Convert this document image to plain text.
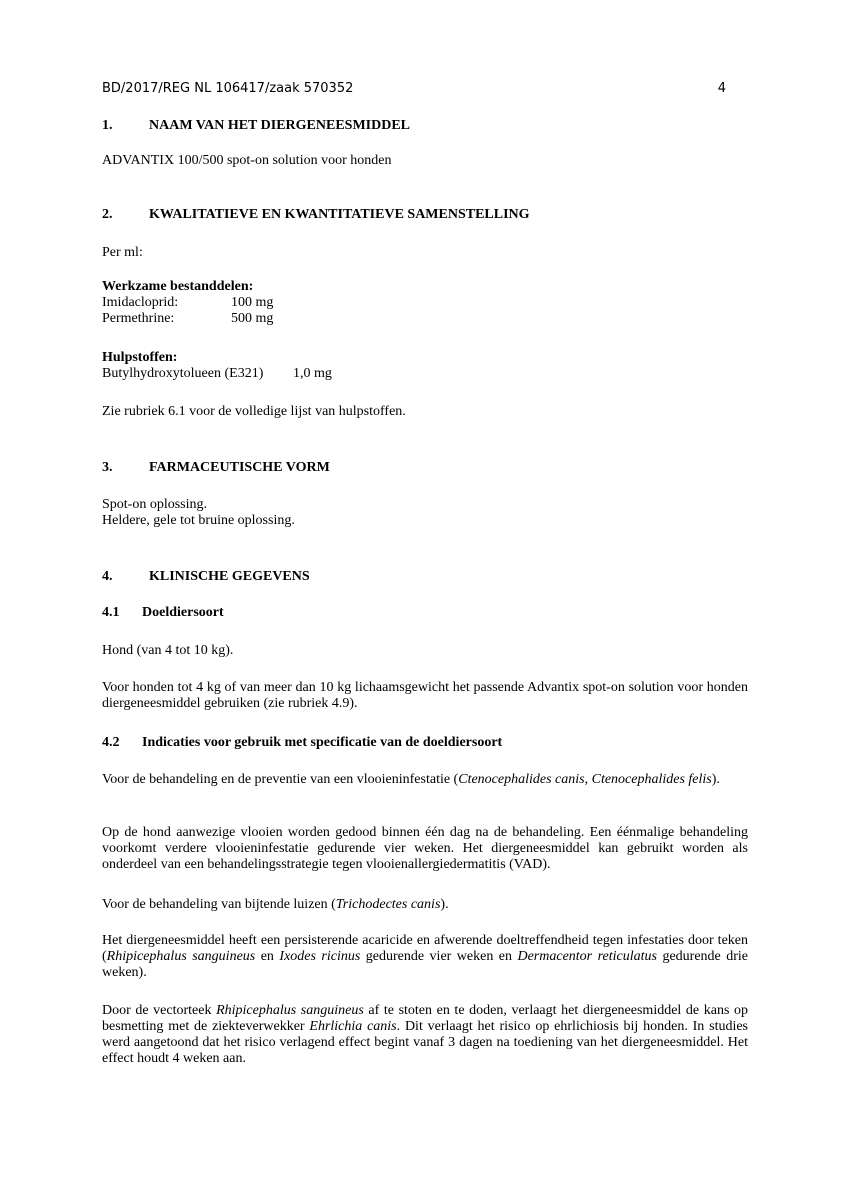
BD/2017/REG NL 106417/zaak 570352	4
1.	NAAM VAN HET DIERGENEESMIDDEL
ADVANTIX 100/500 spot-on solution voor honden
2.	KWALITATIEVE EN KWANTITATIEVE SAMENSTELLING
Per ml:
Werkzame bestanddelen:
Imidacloprid:	100 mg
Permethrine:	500 mg
Hulpstoffen:
Butylhydroxytolueen (E321) 1,0 mg
Zie rubriek 6.1 voor de volledige lijst van hulpstoffen.
3.	FARMACEUTISCHE VORM
Spot-on oplossing.
Heldere, gele tot bruine oplossing.
4.	KLINISCHE GEGEVENS
4.1 Doeldiersoort
Hond (van 4 tot 10 kg).
Voor honden tot 4 kg of van meer dan 10 kg lichaamsgewicht het passende Advantix spot-on solution voor honden diergeneesmiddel gebruiken (zie rubriek 4.9).
4.2 Indicaties voor gebruik met specificatie van de doeldiersoort
Voor de behandeling en de preventie van een vlooieninfestatie (Ctenocephalides canis, Ctenocephalides felis).
Op de hond aanwezige vlooien worden gedood binnen één dag na de behandeling. Een éénmalige behandeling voorkomt verdere vlooieninfestatie gedurende vier weken. Het diergeneesmiddel kan gebruikt worden als onderdeel van een behandelingsstrategie tegen vlooienallergiedermatitis (VAD).
Voor de behandeling van bijtende luizen (Trichodectes canis).
Het diergeneesmiddel heeft een persisterende acaricide en afwerende doeltreffendheid tegen infestaties door teken (Rhipicephalus sanguineus en Ixodes ricinus gedurende vier weken en Dermacentor reticulatus gedurende drie weken).
Door de vectorteek Rhipicephalus sanguineus af te stoten en te doden, verlaagt het diergeneesmiddel de kans op besmetting met de ziekteverwekker Ehrlichia canis. Dit verlaagt het risico op ehrlichiosis bij honden. In studies werd aangetoond dat het risico verlagend effect begint vanaf 3 dagen na toediening van het diergeneesmiddel. Het effect houdt 4 weken aan.
